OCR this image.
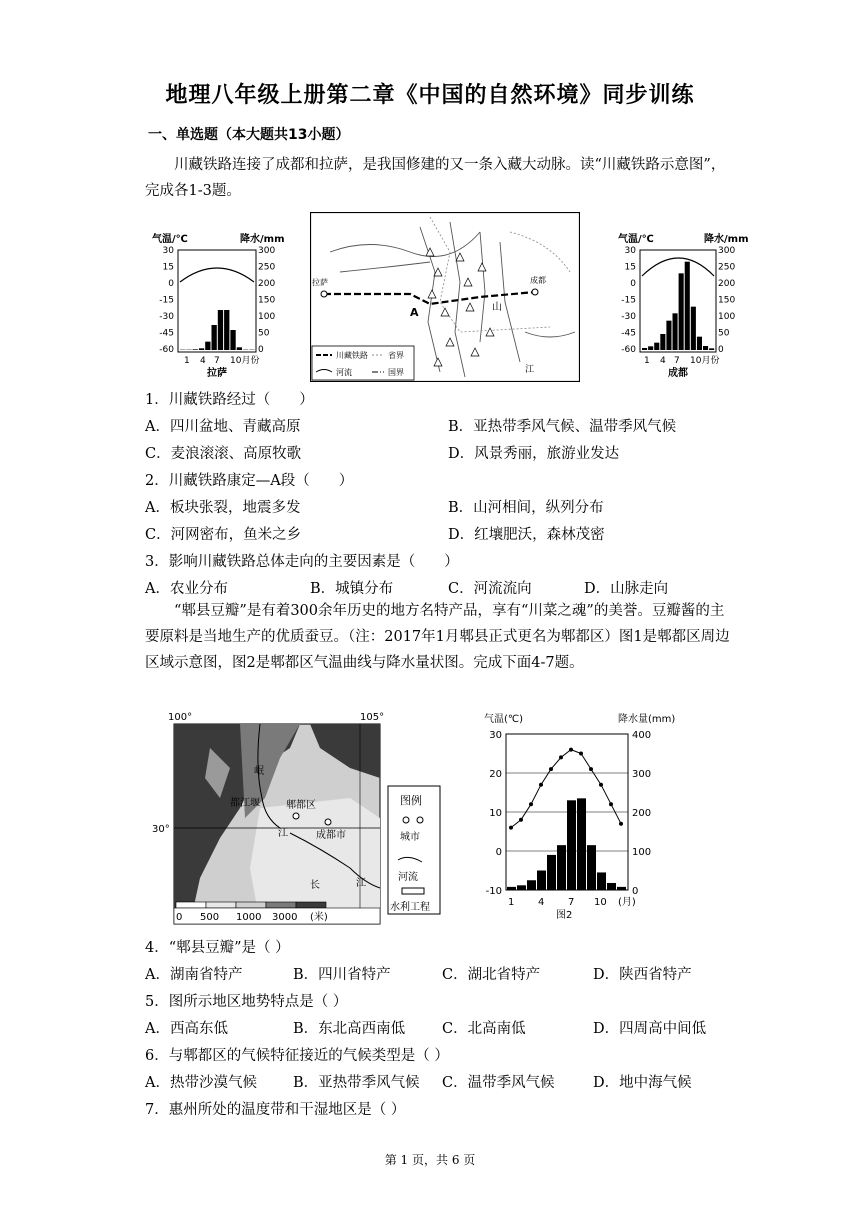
地理八年级上册第二章《中国的自然环境》同步训练
一、单选题（本大题共13小题）

川藏铁路连接了成都和拉萨，是我国修建的又一条入藏大动脉。读“川藏铁路示意图”，完成各1-3题。

气温/℃	降水/mm
30
15
0
-15
-30
-45
-60
300
250
200
150
100
50
0
1 4 7 10月份
拉萨
拉萨	成都
A	山
江
川藏铁路	省界
河流	国界
气温/℃	降水/mm
30
15
0
-15
-30
-45
-60
300
250
200
150
100
50
0
1 4 7 10月份
成都
1．川藏铁路经过（　　）
A．四川盆地、青藏高原	B．亚热带季风气候、温带季风气候
C．麦浪滚滚、高原牧歌	D．风景秀丽，旅游业发达
2．川藏铁路康定—A段（　　）
A．板块张裂，地震多发	B．山河相间，纵列分布
C．河网密布，鱼米之乡	D．红壤肥沃，森林茂密
3．影响川藏铁路总体走向的主要因素是（　　）
A．农业分布	B．城镇分布	C．河流流向	D．山脉走向

“郫县豆瓣”是有着300余年历史的地方名特产品，享有“川菜之魂”的美誉。豆瓣酱的主要原料是当地生产的优质蚕豆。（注：2017年1月郫县正式更名为郫都区）图1是郫都区周边区域示意图，图2是郫都区气温曲线与降水量状图。完成下面4-7题。

100°	105°
30°
郫都区
成都市
都江堰
岷
江
长	江
0 500 1000 3000 (米)
图例
城市
河流
水利工程
气温(℃)	降水量(mm)
30
20
10
0
-10
400
300
200
100
0
1 4 7 10 (月)
图2
4．“郫县豆瓣”是（ ）
A．湖南省特产	B．四川省特产	C．湖北省特产	D．陕西省特产
5．图所示地区地势特点是（ ）
A．西高东低	B．东北高西南低	C．北高南低	D．四周高中间低
6．与郫都区的气候特征接近的气候类型是（ ）
A．热带沙漠气候 B．亚热带季风气候 C．温带季风气候	D．地中海气候
7．惠州所处的温度带和干湿地区是（ ）
第 1 页，共 6 页
